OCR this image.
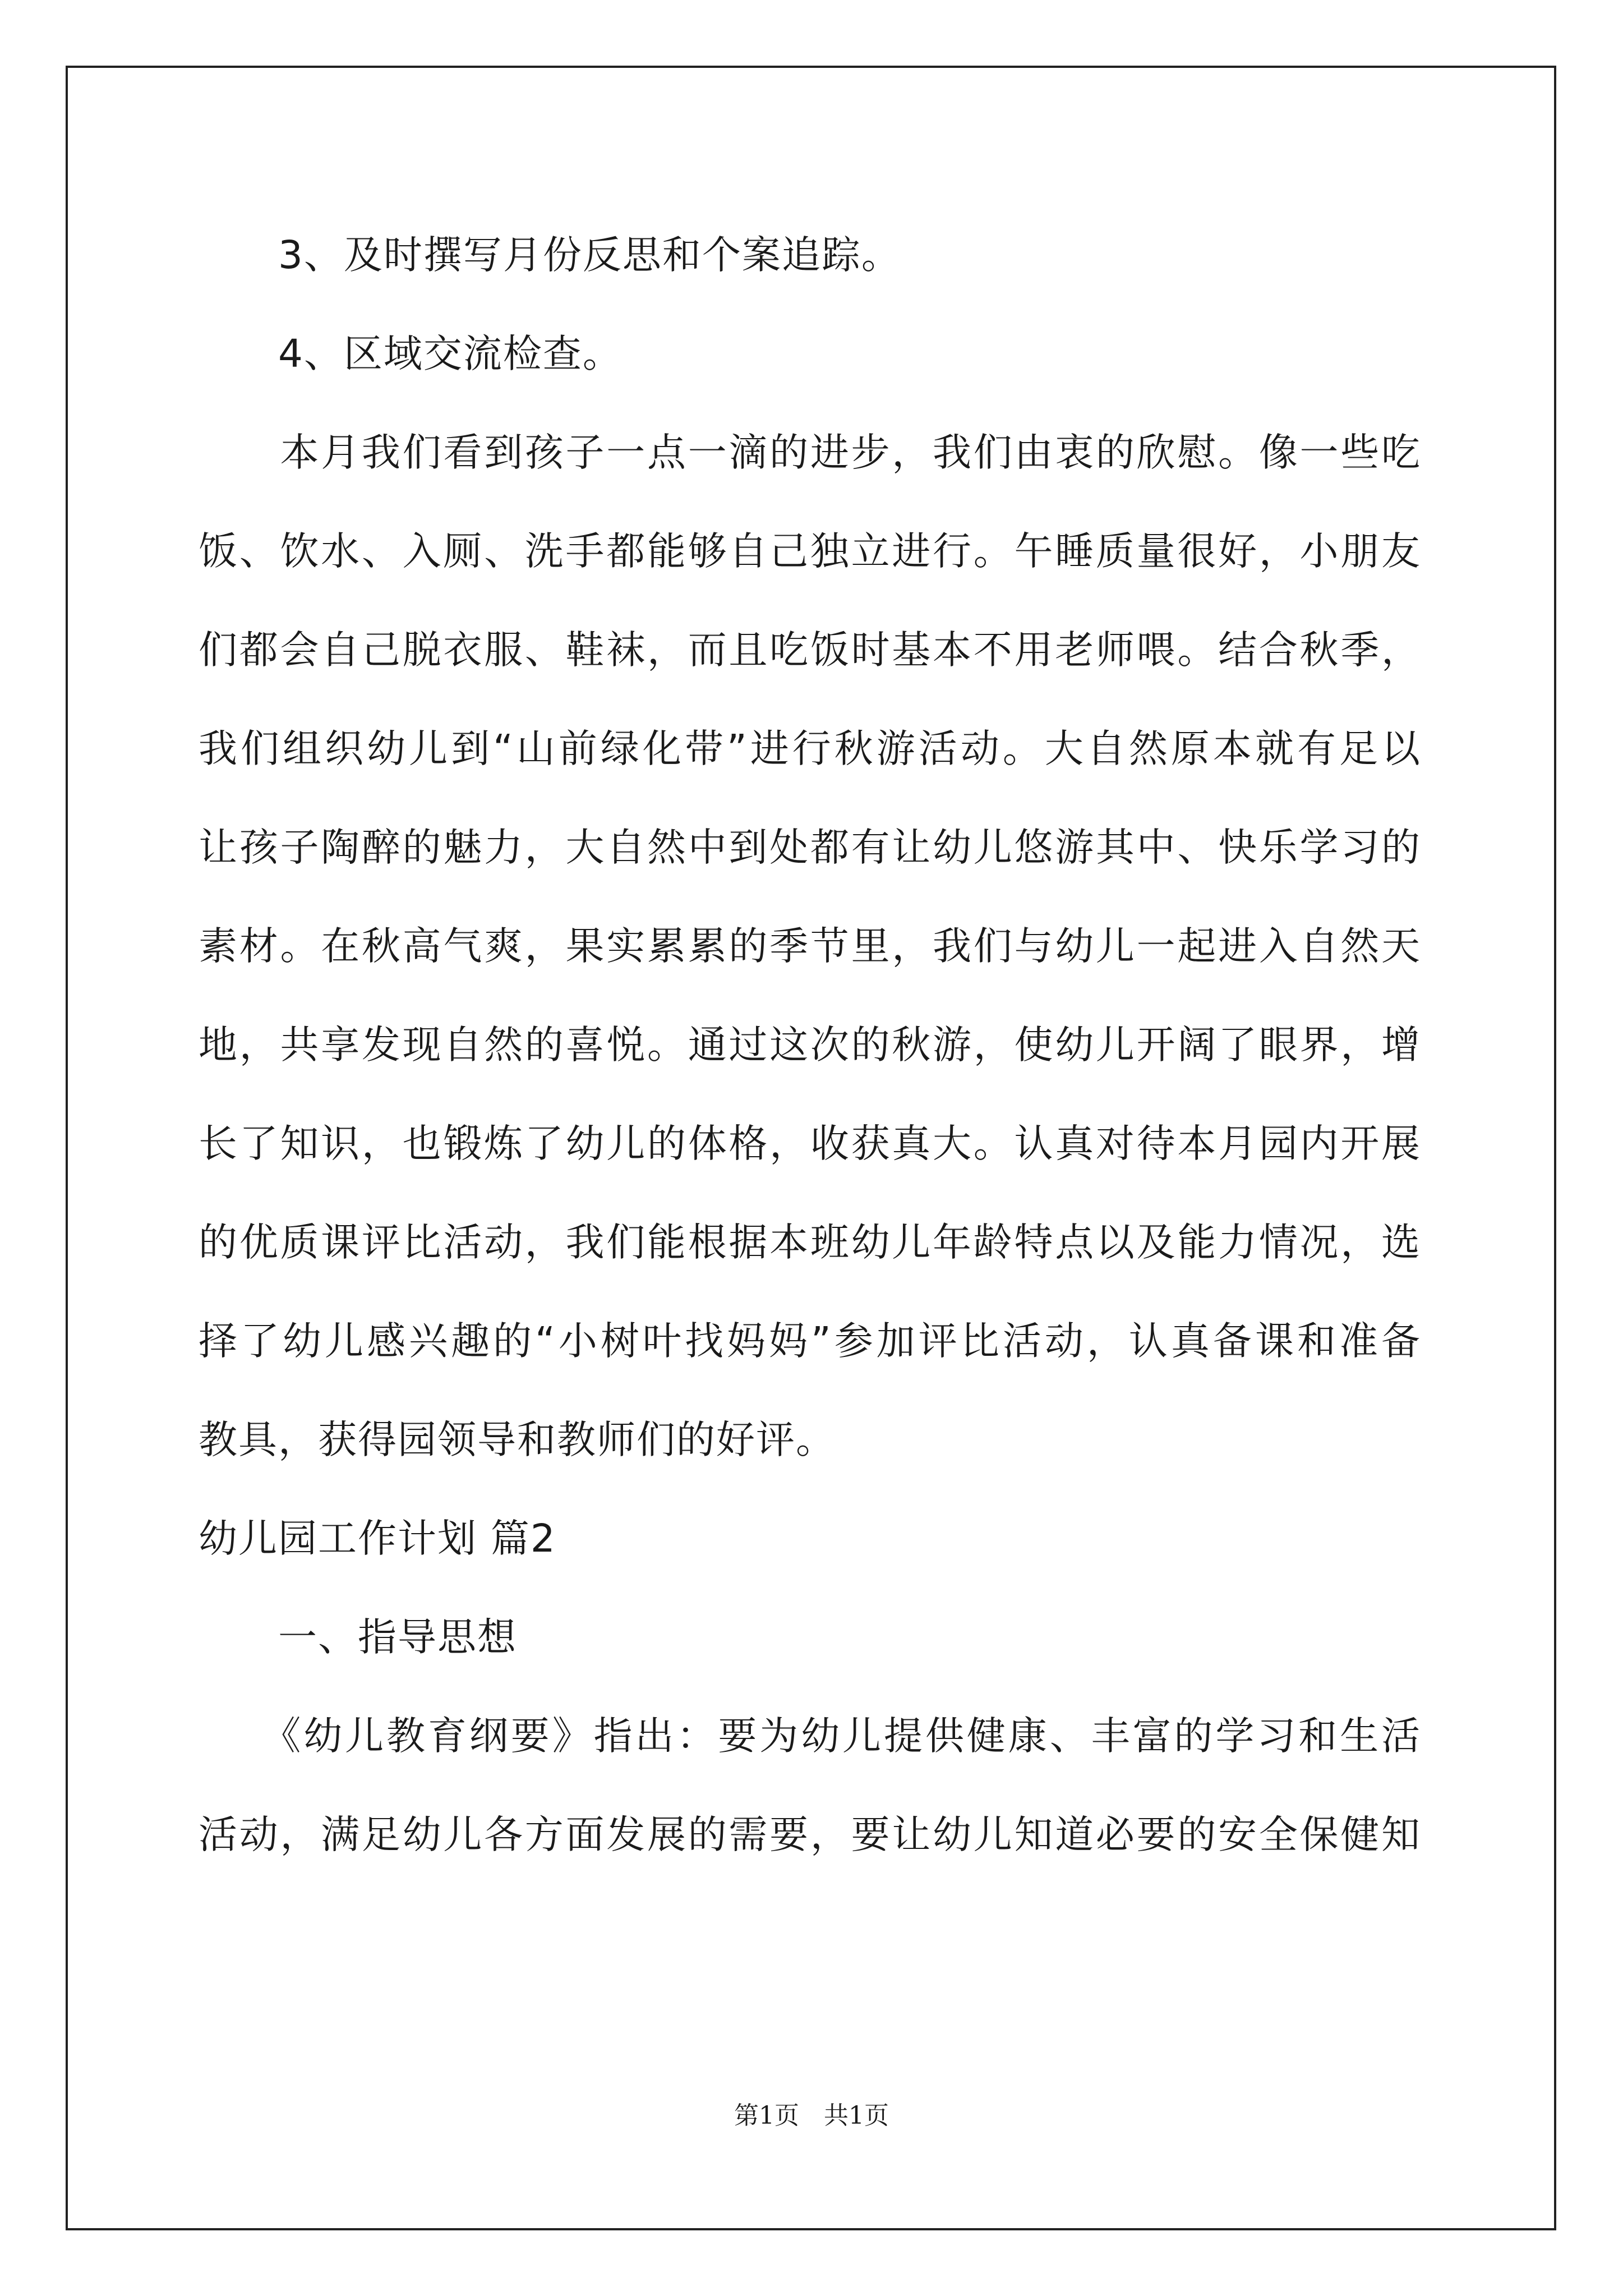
　　3、及时撰写月份反思和个案追踪。
　　4、区域交流检查。
　　本月我们看到孩子一点一滴的进步，我们由衷的欣慰。像一些吃
饭、饮水、入厕、洗手都能够自己独立进行。午睡质量很好，小朋友
们都会自己脱衣服、鞋袜，而且吃饭时基本不用老师喂。结合秋季，
我们组织幼儿到“山前绿化带”进行秋游活动。大自然原本就有足以
让孩子陶醉的魅力，大自然中到处都有让幼儿悠游其中、快乐学习的
素材。在秋高气爽，果实累累的季节里，我们与幼儿一起进入自然天
地，共享发现自然的喜悦。通过这次的秋游，使幼儿开阔了眼界，增
长了知识，也锻炼了幼儿的体格，收获真大。认真对待本月园内开展
的优质课评比活动，我们能根据本班幼儿年龄特点以及能力情况，选
择了幼儿感兴趣的“小树叶找妈妈”参加评比活动，认真备课和准备
教具，获得园领导和教师们的好评。
幼儿园工作计划 篇2
　　一、指导思想
　　《幼儿教育纲要》指出：要为幼儿提供健康、丰富的学习和生活
活动，满足幼儿各方面发展的需要，要让幼儿知道必要的安全保健知
第1页　共1页
